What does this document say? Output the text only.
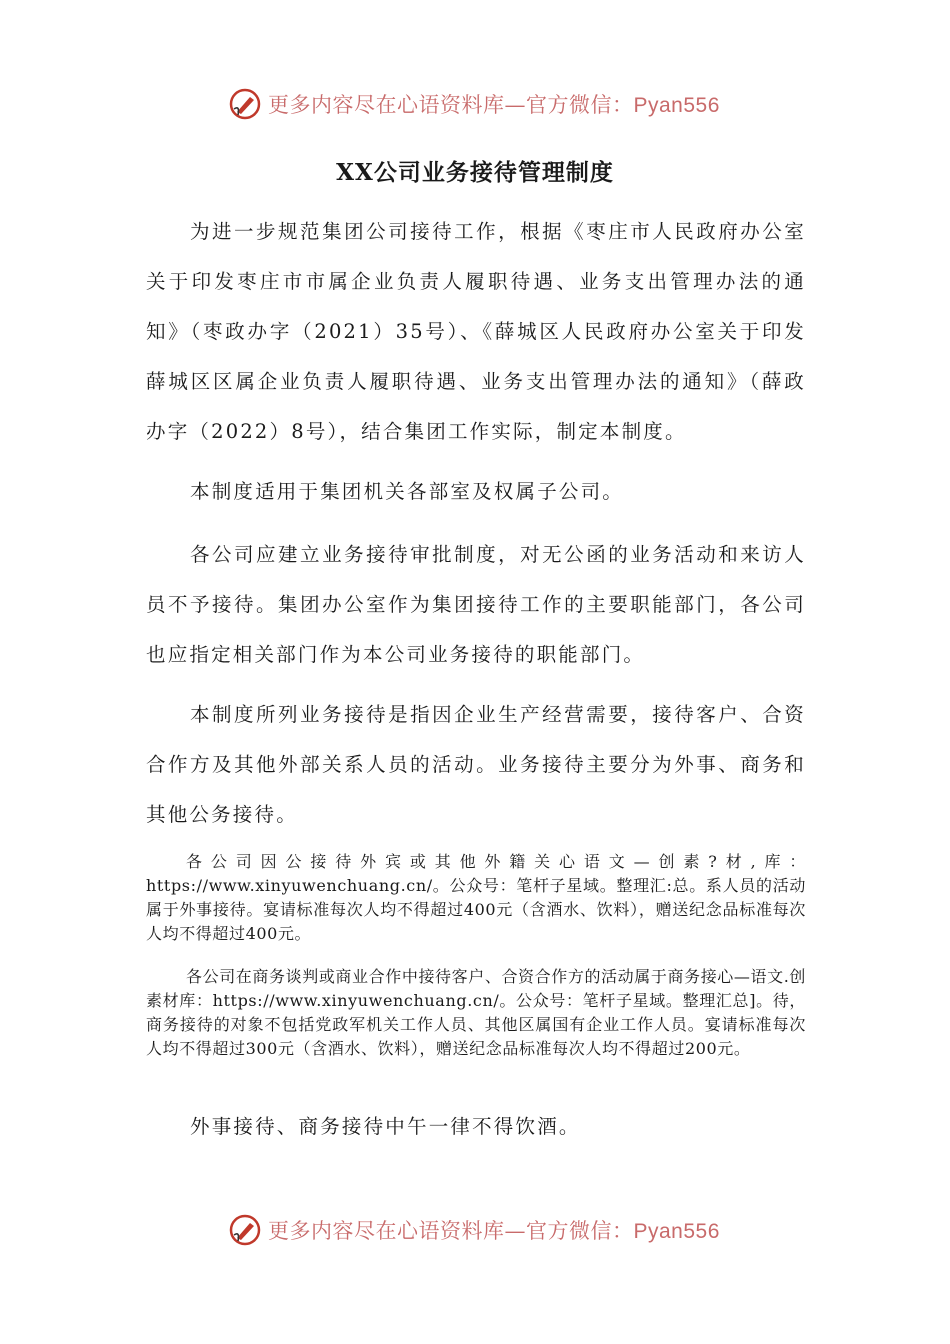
更多内容尽在心语资料库—官方微信：Pyan556
XX公司业务接待管理制度

为进一步规范集团公司接待工作，根据《枣庄市人民政府办公室关于印发枣庄市市属企业负责人履职待遇、业务支出管理办法的通知》（枣政办字（2021）35号）、《薛城区人民政府办公室关于印发薛城区区属企业负责人履职待遇、业务支出管理办法的通知》（薛政办字（2022）8号），结合集团工作实际，制定本制度。

本制度适用于集团机关各部室及权属子公司。

各公司应建立业务接待审批制度，对无公函的业务活动和来访人员不予接待。集团办公室作为集团接待工作的主要职能部门，各公司也应指定相关部门作为本公司业务接待的职能部门。

本制度所列业务接待是指因企业生产经营需要，接待客户、合资合作方及其他外部关系人员的活动。业务接待主要分为外事、商务和其他公务接待。

各公司因公接待外宾或其他外籍关心语文—创素?材,库：https://www.xinyuwenchuang.cn/。公众号：笔杆子星域。整理汇:总。系人员的活动属于外事接待。宴请标准每次人均不得超过400元（含酒水、饮料），赠送纪念品标准每次人均不得超过400元。

各公司在商务谈判或商业合作中接待客户、合资合作方的活动属于商务接心—语文.创素材库：https://www.xinyuwenchuang.cn/。公众号：笔杆子星域。整理汇总]。待，商务接待的对象不包括党政军机关工作人员、其他区属国有企业工作人员。宴请标准每次人均不得超过300元（含酒水、饮料），赠送纪念品标准每次人均不得超过200元。

外事接待、商务接待中午一律不得饮酒。

更多内容尽在心语资料库—官方微信：Pyan556
